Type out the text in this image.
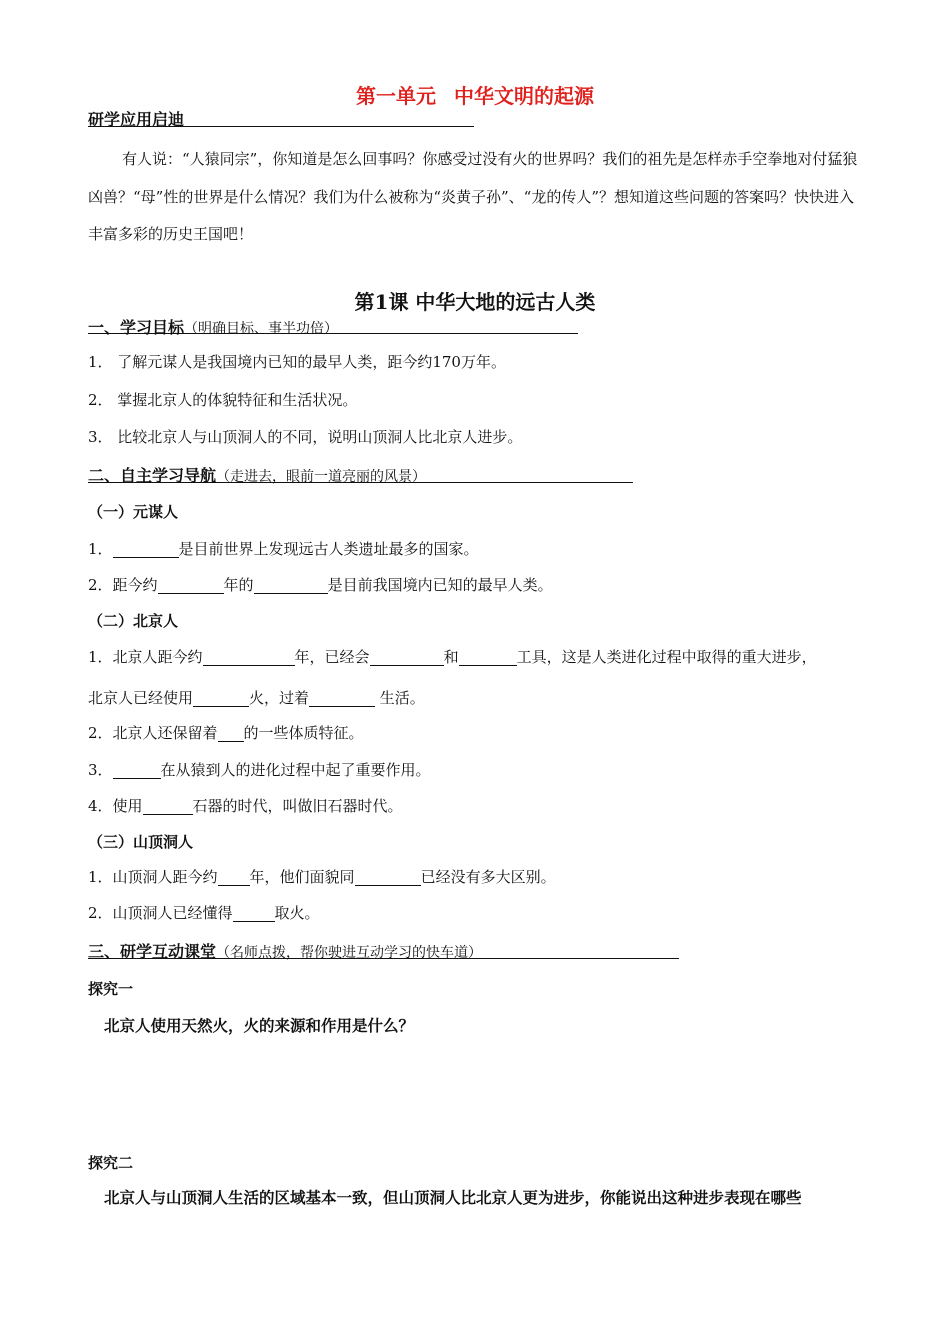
第一单元 中华文明的起源
研学应用启迪
有人说：“人猿同宗”，你知道是怎么回事吗？你感受过没有火的世界吗？我们的祖先是怎样赤手空拳地对付猛狼凶兽？“母”性的世界是什么情况？我们为什么被称为“炎黄子孙”、“龙的传人”？想知道这些问题的答案吗？快快进入丰富多彩的历史王国吧！
第1课 中华大地的远古人类
一、学习目标（明确目标、事半功倍）
1． 了解元谋人是我国境内已知的最早人类，距今约170万年。
2． 掌握北京人的体貌特征和生活状况。
3． 比较北京人与山顶洞人的不同，说明山顶洞人比北京人进步。
二、自主学习导航（走进去，眼前一道亮丽的风景）
（一）元谋人
1．	是目前世界上发现远古人类遗址最多的国家。
2．距今约	年的	是目前我国境内已知的最早人类。
（二）北京人
1．北京人距今约	年，已经会	和	工具，这是人类进化过程中取得的重大进步，
北京人已经使用	火，过着	生活。
2．北京人还保留着 的一些体质特征。
3．	在从猿到人的进化过程中起了重要作用。
4．使用	石器的时代，叫做旧石器时代。
（三）山顶洞人
1．山顶洞人距今约 年，他们面貌同	已经没有多大区别。
2．山顶洞人已经懂得	取火。
三、研学互动课堂（名师点拨，帮你驶进互动学习的快车道）
探究一
北京人使用天然火，火的来源和作用是什么？
探究二
北京人与山顶洞人生活的区域基本一致，但山顶洞人比北京人更为进步，你能说出这种进步表现在哪些
